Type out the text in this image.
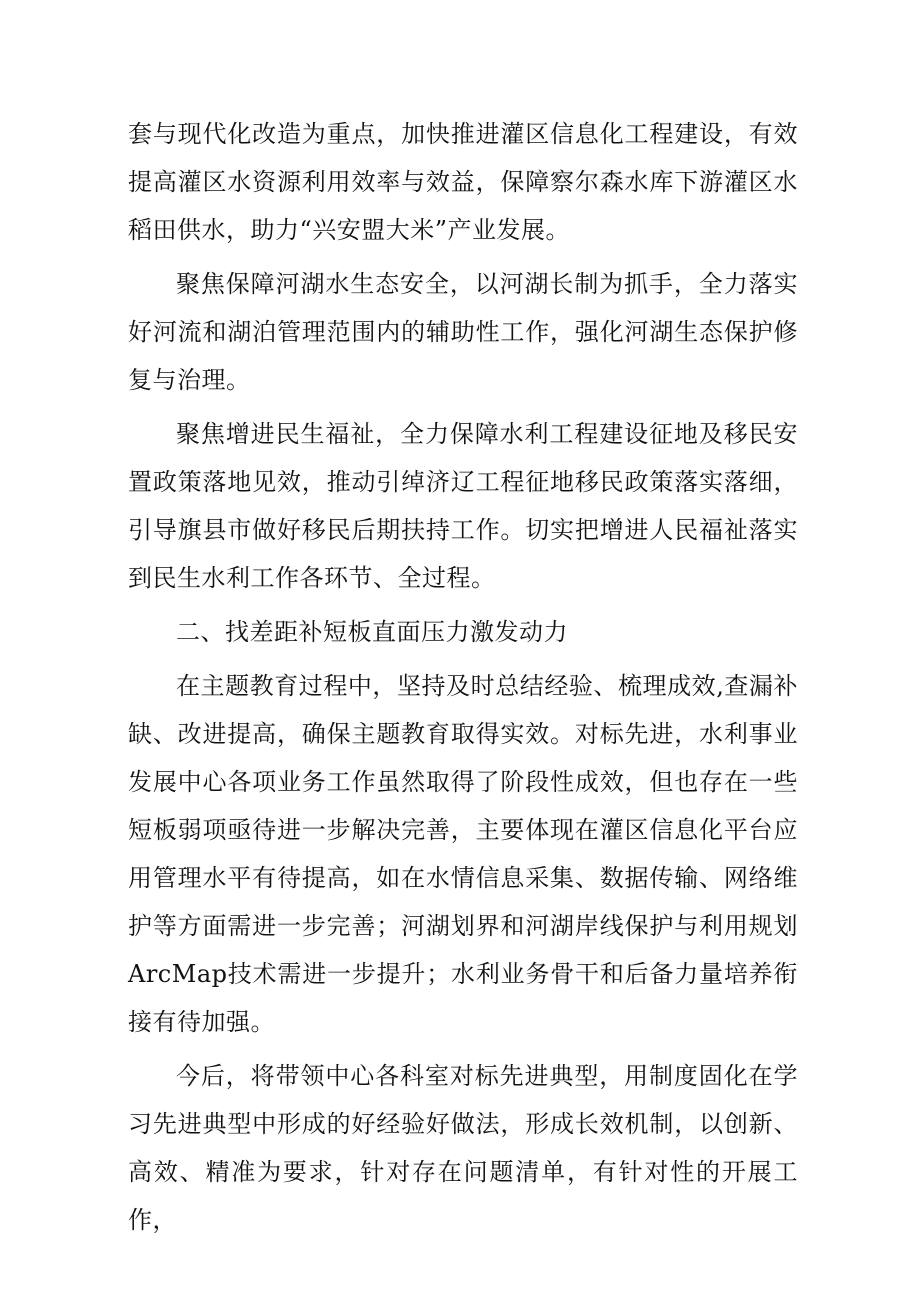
套与现代化改造为重点，加快推进灌区信息化工程建设，有效提高灌区水资源利用效率与效益，保障察尔森水库下游灌区水稻田供水，助力“兴安盟大米”产业发展。

聚焦保障河湖水生态安全，以河湖长制为抓手，全力落实好河流和湖泊管理范围内的辅助性工作，强化河湖生态保护修复与治理。

聚焦增进民生福祉，全力保障水利工程建设征地及移民安置政策落地见效，推动引绰济辽工程征地移民政策落实落细，引导旗县市做好移民后期扶持工作。切实把增进人民福祉落实到民生水利工作各环节、全过程。

二、找差距补短板直面压力激发动力

在主题教育过程中，坚持及时总结经验、梳理成效,查漏补缺、改进提高，确保主题教育取得实效。对标先进，水利事业发展中心各项业务工作虽然取得了阶段性成效，但也存在一些短板弱项亟待进一步解决完善，主要体现在灌区信息化平台应用管理水平有待提高，如在水情信息采集、数据传输、网络维护等方面需进一步完善；河湖划界和河湖岸线保护与利用规划ArcMap技术需进一步提升；水利业务骨干和后备力量培养衔接有待加强。

今后，将带领中心各科室对标先进典型，用制度固化在学习先进典型中形成的好经验好做法，形成长效机制，以创新、高效、精准为要求，针对存在问题清单，有针对性的开展工作，
